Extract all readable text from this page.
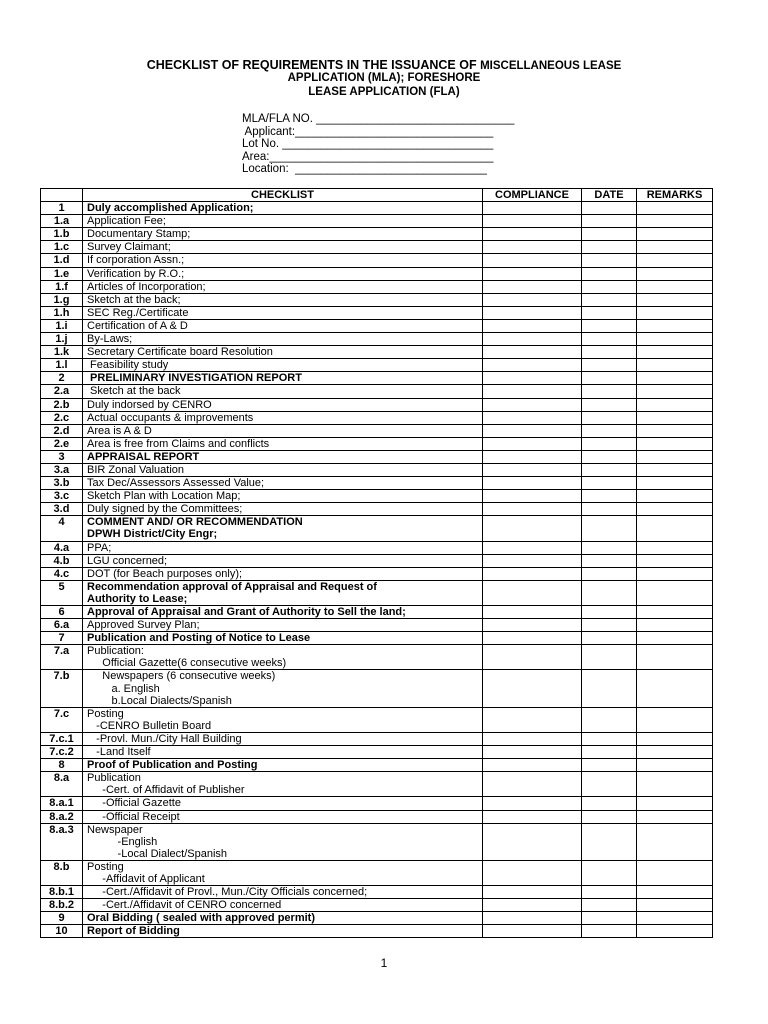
CHECKLIST OF REQUIREMENTS IN THE ISSUANCE OF MISCELLANEOUS LEASE
APPLICATION (MLA); FORESHORE
LEASE APPLICATION (FLA)
MLA/FLA NO. _______________________________
Applicant:_______________________________
Lot No. _________________________________
Area:___________________________________
Location:  ______________________________
	CHECKLIST	COMPLIANCE	DATE	REMARKS
1	Duly accomplished Application;			
1.a	Application Fee;			
1.b	Documentary Stamp;			
1.c	Survey Claimant;			
1.d	If corporation Assn.;			
1.e	Verification by R.O.;			
1.f	Articles of Incorporation;			
1.g	Sketch at the back;			
1.h	SEC Reg./Certificate			
1.i	Certification of A & D			
1.j	By-Laws;			
1.k	Secretary Certificate board Resolution			
1.l	Feasibility study			
2	PRELIMINARY INVESTIGATION REPORT			
2.a	Sketch at the back			
2.b	Duly indorsed by CENRO			
2.c	Actual occupants & improvements			
2.d	Area is A & D			
2.e	Area is free from Claims and conflicts			
3	APPRAISAL REPORT			
3.a	BIR Zonal Valuation			
3.b	Tax Dec/Assessors Assessed Value;			
3.c	Sketch Plan with Location Map;			
3.d	Duly signed by the Committees;			
4	COMMENT AND/ OR RECOMMENDATION
DPWH District/City Engr;			
4.a	PPA;			
4.b	LGU concerned;			
4.c	DOT (for Beach purposes only);			
5	Recommendation approval of Appraisal and Request of
Authority to Lease;			
6	Approval of Appraisal and Grant of Authority to Sell the land;			
6.a	Approved Survey Plan;			
7	Publication and Posting of Notice to Lease			
7.a	Publication:
Official Gazette(6 consecutive weeks)			
7.b	Newspapers (6 consecutive weeks)
a. English
b.Local Dialects/Spanish			
7.c	Posting
-CENRO Bulletin Board			
7.c.1	-Provl. Mun./City Hall Building			
7.c.2	-Land Itself			
8	Proof of Publication and Posting			
8.a	Publication
-Cert. of Affidavit of Publisher			
8.a.1	-Official Gazette			
8.a.2	-Official Receipt			
8.a.3	Newspaper
-English
-Local Dialect/Spanish			
8.b	Posting
-Affidavit of Applicant			
8.b.1	-Cert./Affidavit of Provl., Mun./City Officials concerned;			
8.b.2	-Cert./Affidavit of CENRO concerned			
9	Oral Bidding ( sealed with approved permit)			
10	Report of Bidding			
1
